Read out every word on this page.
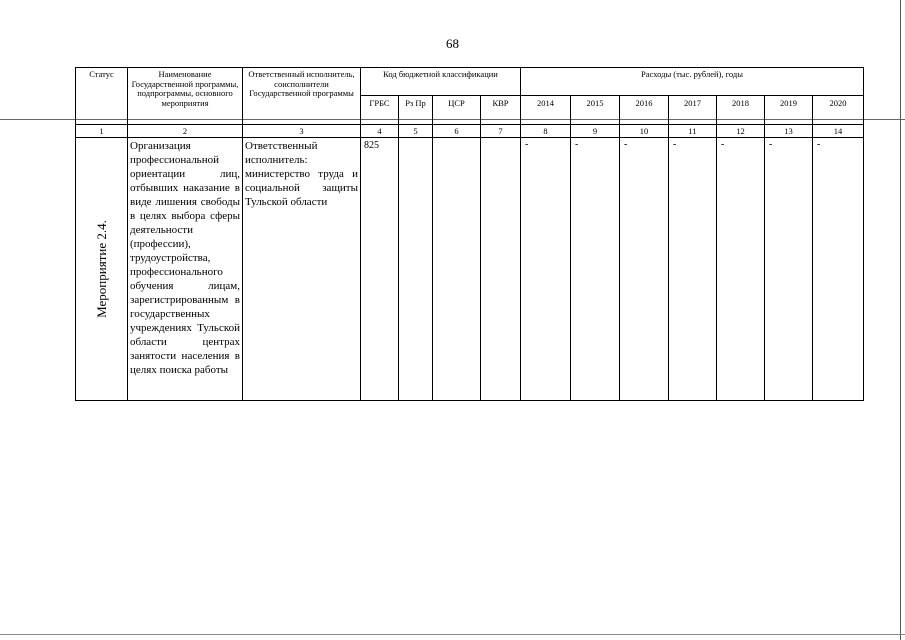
68
Статус	Наименование Государственной программы, подпрограммы, основного мероприятия	Ответственный исполнитель, соисполнители Государственной программы	Код бюджетной классификации				Расходы (тыс. рублей), годы						
			ГРБС	Рз Пр	ЦСР	КВР	2014	2015	2016	2017	2018	2019	2020
1	2	3	4	5	6	7	8	9	10	11	12	13	14

Мероприятие 2.4.	Организация профессиональной ориентации лиц, отбывших наказание в виде лишения свободы в целях выбора сферы деятельности (профессии), трудоустройства, профессионального обучения лицам, зарегистрированным в государственных учреждениях Тульской области центрах занятости населения в целях поиска работы	Ответственный исполнитель: министерство труда и социальной защиты Тульской области	825				-	-	-	-	-	-	-
